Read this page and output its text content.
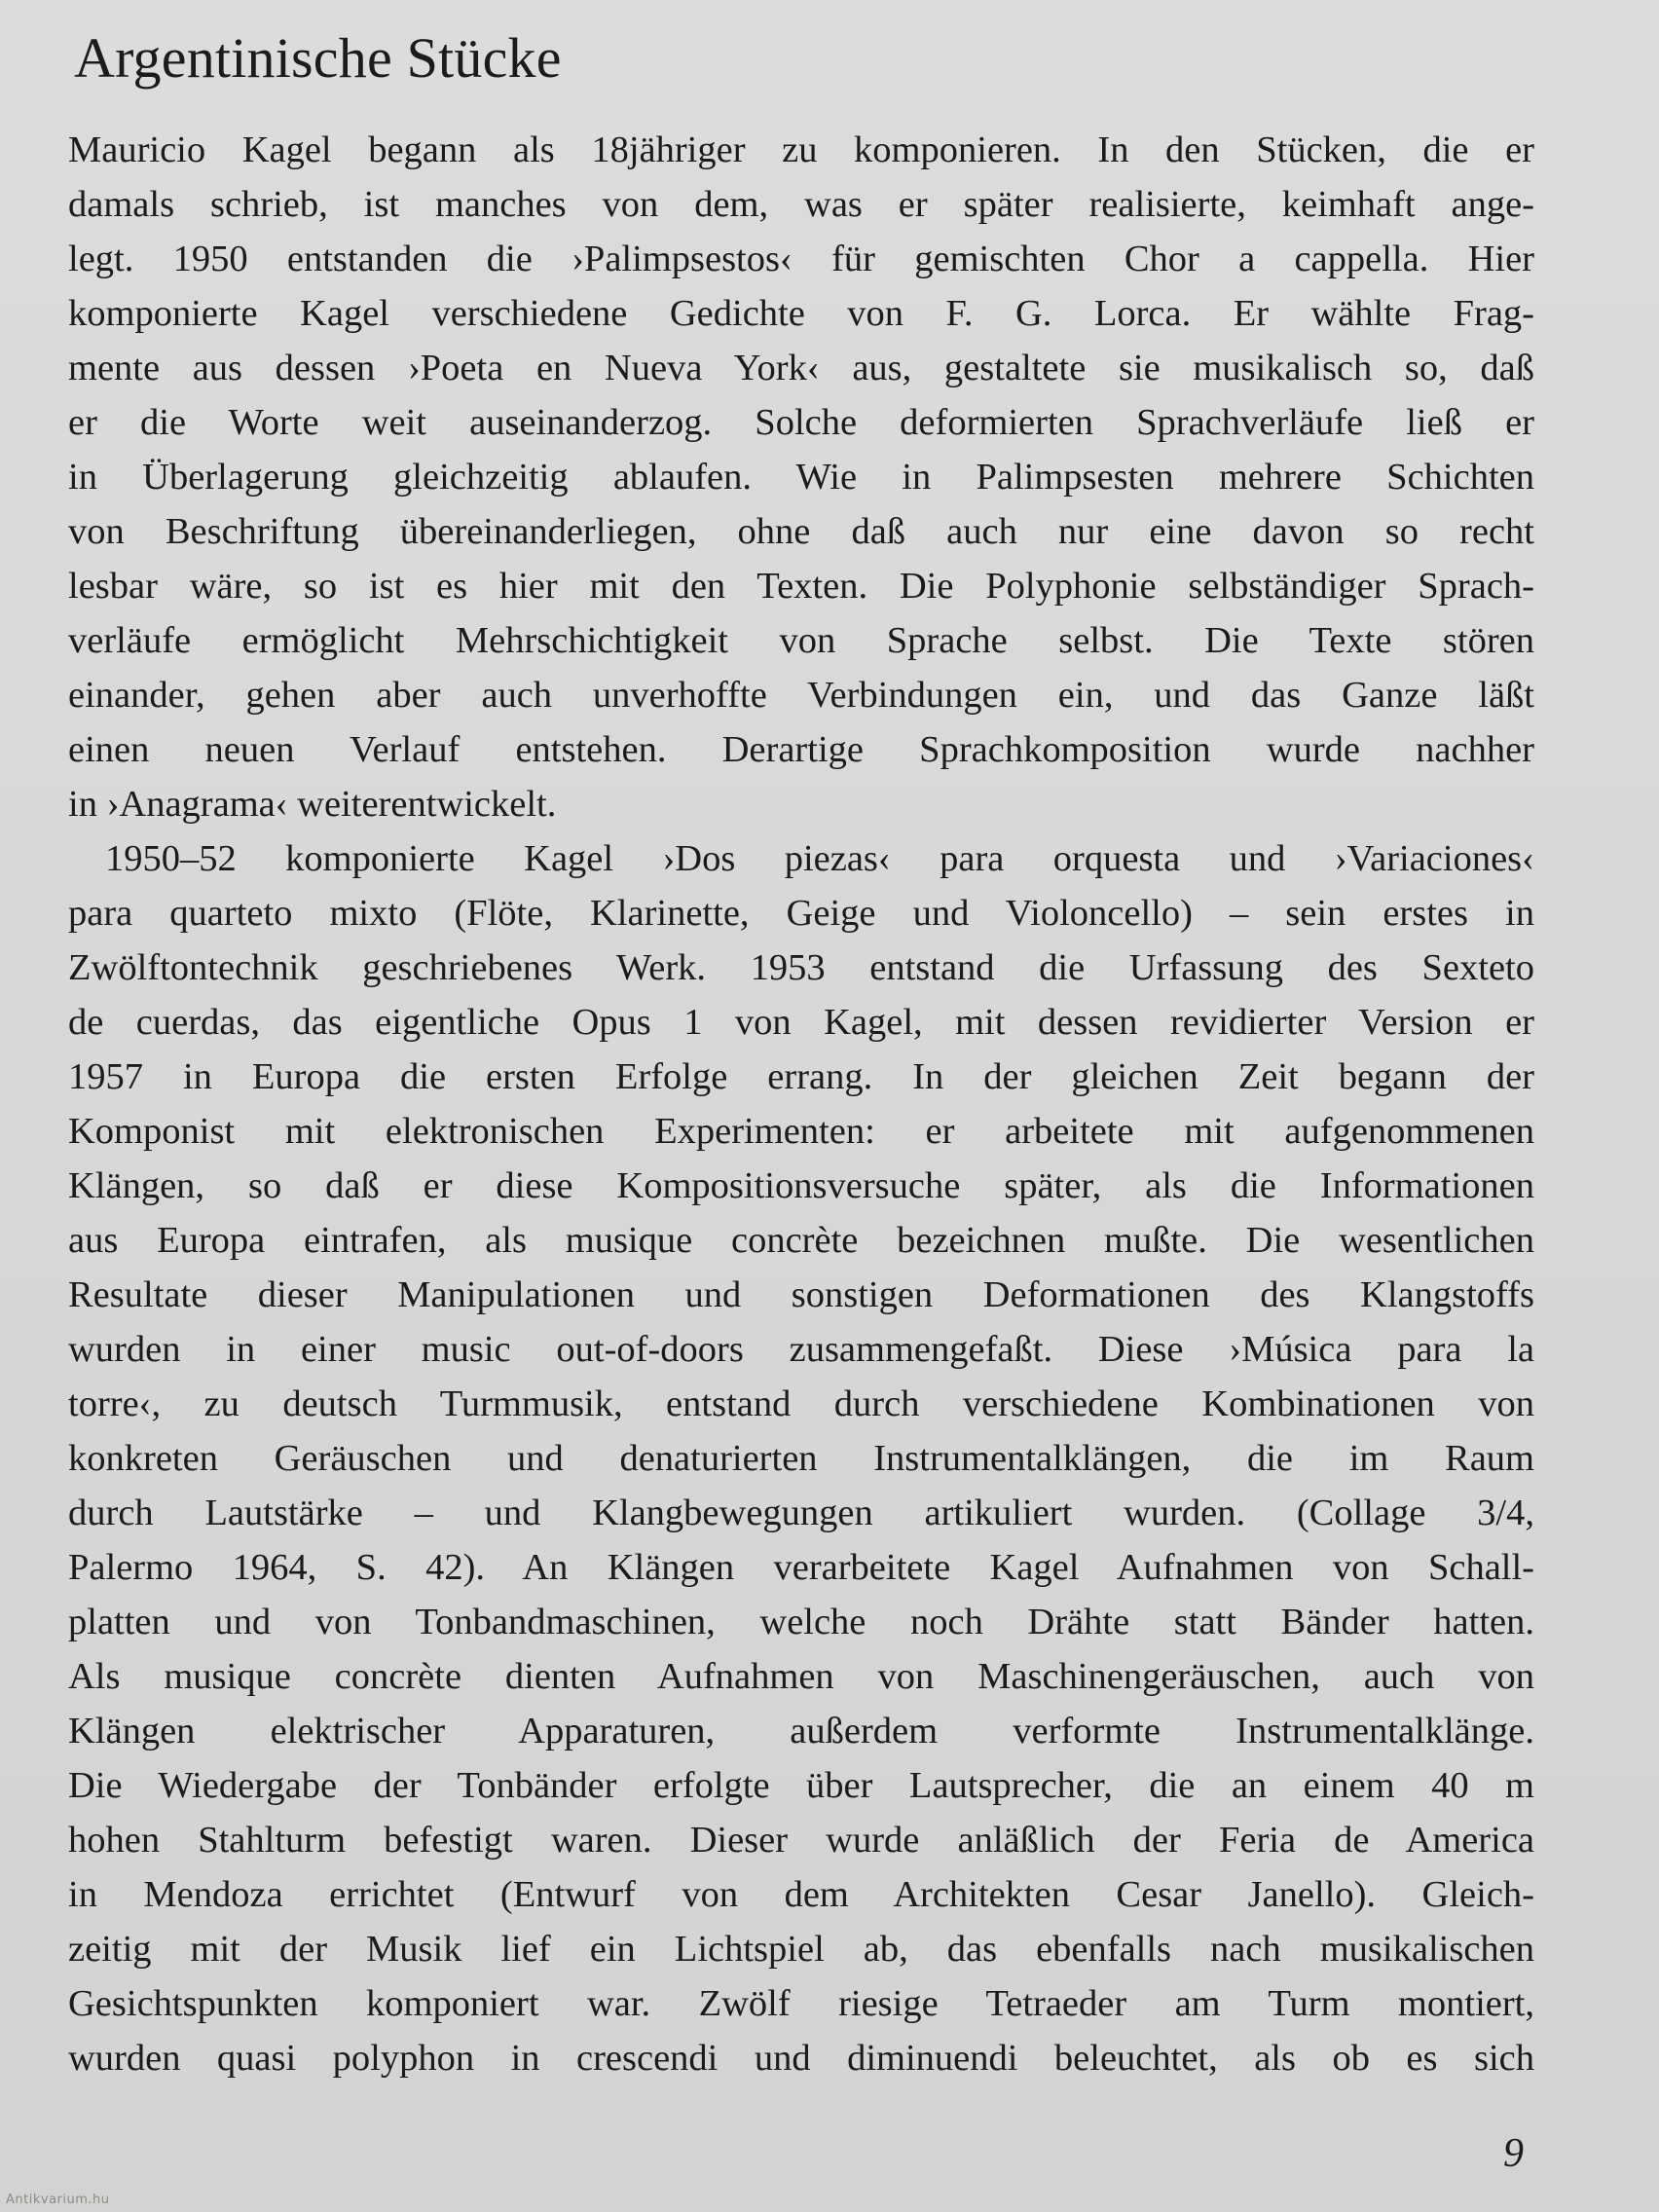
Argentinische Stücke
Mauricio Kagel begann als 18jähriger zu komponieren. In den Stücken, die er
damals schrieb, ist manches von dem, was er später realisierte, keimhaft ange-
legt. 1950 entstanden die ›Palimpsestos‹ für gemischten Chor a cappella. Hier
komponierte Kagel verschiedene Gedichte von F. G. Lorca. Er wählte Frag-
mente aus dessen ›Poeta en Nueva York‹ aus, gestaltete sie musikalisch so, daß
er die Worte weit auseinanderzog. Solche deformierten Sprachverläufe ließ er
in Überlagerung gleichzeitig ablaufen. Wie in Palimpsesten mehrere Schichten
von Beschriftung übereinanderliegen, ohne daß auch nur eine davon so recht
lesbar wäre, so ist es hier mit den Texten. Die Polyphonie selbständiger Sprach-
verläufe ermöglicht Mehrschichtigkeit von Sprache selbst. Die Texte stören
einander, gehen aber auch unverhoffte Verbindungen ein, und das Ganze läßt
einen neuen Verlauf entstehen. Derartige Sprachkomposition wurde nachher
in ›Anagrama‹ weiterentwickelt.
1950–52 komponierte Kagel ›Dos piezas‹ para orquesta und ›Variaciones‹
para quarteto mixto (Flöte, Klarinette, Geige und Violoncello) – sein erstes in
Zwölftontechnik geschriebenes Werk. 1953 entstand die Urfassung des Sexteto
de cuerdas, das eigentliche Opus 1 von Kagel, mit dessen revidierter Version er
1957 in Europa die ersten Erfolge errang. In der gleichen Zeit begann der
Komponist mit elektronischen Experimenten: er arbeitete mit aufgenommenen
Klängen, so daß er diese Kompositionsversuche später, als die Informationen
aus Europa eintrafen, als musique concrète bezeichnen mußte. Die wesentlichen
Resultate dieser Manipulationen und sonstigen Deformationen des Klangstoffs
wurden in einer music out-of-doors zusammengefaßt. Diese ›Música para la
torre‹, zu deutsch Turmmusik, entstand durch verschiedene Kombinationen von
konkreten Geräuschen und denaturierten Instrumentalklängen, die im Raum
durch Lautstärke – und Klangbewegungen artikuliert wurden. (Collage 3/4,
Palermo 1964, S. 42). An Klängen verarbeitete Kagel Aufnahmen von Schall-
platten und von Tonbandmaschinen, welche noch Drähte statt Bänder hatten.
Als musique concrète dienten Aufnahmen von Maschinengeräuschen, auch von
Klängen elektrischer Apparaturen, außerdem verformte Instrumentalklänge.
Die Wiedergabe der Tonbänder erfolgte über Lautsprecher, die an einem 40 m
hohen Stahlturm befestigt waren. Dieser wurde anläßlich der Feria de America
in Mendoza errichtet (Entwurf von dem Architekten Cesar Janello). Gleich-
zeitig mit der Musik lief ein Lichtspiel ab, das ebenfalls nach musikalischen
Gesichtspunkten komponiert war. Zwölf riesige Tetraeder am Turm montiert,
wurden quasi polyphon in crescendi und diminuendi beleuchtet, als ob es sich
9
Antikvarium.hu
